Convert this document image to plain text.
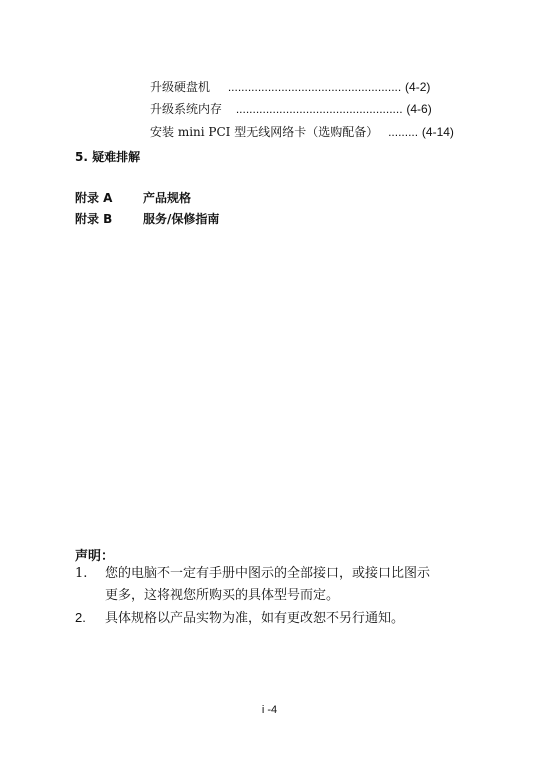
升级硬盘机 .................................................... (4-2)
升级系统内存 .................................................. (4-6)
安装 mini PCI 型无线网络卡（选购配备） ......... (4-14)
5. 疑难排解
附录 A	产品规格
附录 B	服务/保修指南
声明：
1. 您的电脑不一定有手册中图示的全部接口，或接口比图示
更多，这将视您所购买的具体型号而定。
2. 具体规格以产品实物为准，如有更改恕不另行通知。
i -4
